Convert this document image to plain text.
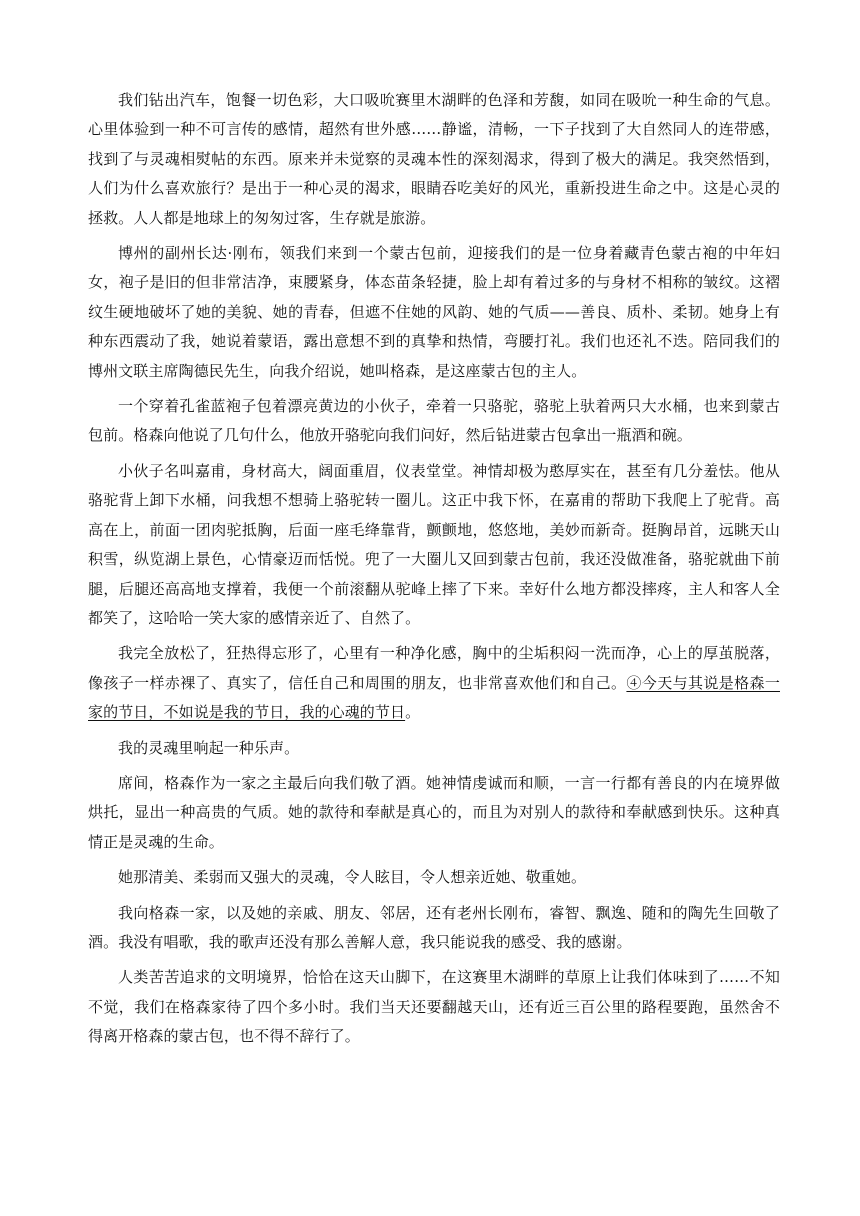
我们钻出汽车，饱餐一切色彩，大口吸吮赛里木湖畔的色泽和芳馥，如同在吸吮一种生命的气息。心里体验到一种不可言传的感情，超然有世外感……静谧，清畅，一下子找到了大自然同人的连带感，找到了与灵魂相熨帖的东西。原来并未觉察的灵魂本性的深刻渴求，得到了极大的满足。我突然悟到，人们为什么喜欢旅行？是出于一种心灵的渴求，眼睛吞吃美好的风光，重新投进生命之中。这是心灵的拯救。人人都是地球上的匆匆过客，生存就是旅游。

博州的副州长达·刚布，领我们来到一个蒙古包前，迎接我们的是一位身着藏青色蒙古袍的中年妇女，袍子是旧的但非常洁净，束腰紧身，体态苗条轻捷，脸上却有着过多的与身材不相称的皱纹。这褶纹生硬地破坏了她的美貌、她的青春，但遮不住她的风韵、她的气质——善良、质朴、柔韧。她身上有种东西震动了我，她说着蒙语，露出意想不到的真挚和热情，弯腰打礼。我们也还礼不迭。陪同我们的博州文联主席陶德民先生，向我介绍说，她叫格森，是这座蒙古包的主人。

一个穿着孔雀蓝袍子包着漂亮黄边的小伙子，牵着一只骆驼，骆驼上驮着两只大水桶，也来到蒙古包前。格森向他说了几句什么，他放开骆驼向我们问好，然后钻进蒙古包拿出一瓶酒和碗。

小伙子名叫嘉甫，身材高大，阔面重眉，仪表堂堂。神情却极为憨厚实在，甚至有几分羞怯。他从骆驼背上卸下水桶，问我想不想骑上骆驼转一圈儿。这正中我下怀，在嘉甫的帮助下我爬上了驼背。高高在上，前面一团肉驼抵胸，后面一座毛绛靠背，颤颤地，悠悠地，美妙而新奇。挺胸昂首，远眺天山积雪，纵览湖上景色，心情豪迈而恬悦。兜了一大圈儿又回到蒙古包前，我还没做准备，骆驼就曲下前腿，后腿还高高地支撑着，我便一个前滚翻从驼峰上摔了下来。幸好什么地方都没摔疼，主人和客人全都笑了，这哈哈一笑大家的感情亲近了、自然了。

我完全放松了，狂热得忘形了，心里有一种净化感，胸中的尘垢积闷一洗而净，心上的厚茧脱落，像孩子一样赤裸了、真实了，信任自己和周围的朋友，也非常喜欢他们和自己。④今天与其说是格森一家的节日，不如说是我的节日，我的心魂的节日。

我的灵魂里响起一种乐声。

席间，格森作为一家之主最后向我们敬了酒。她神情虔诚而和顺，一言一行都有善良的内在境界做烘托，显出一种高贵的气质。她的款待和奉献是真心的，而且为对别人的款待和奉献感到快乐。这种真情正是灵魂的生命。

她那清美、柔弱而又强大的灵魂，令人眩目，令人想亲近她、敬重她。

我向格森一家，以及她的亲戚、朋友、邻居，还有老州长刚布，睿智、飘逸、随和的陶先生回敬了酒。我没有唱歌，我的歌声还没有那么善解人意，我只能说我的感受、我的感谢。

人类苦苦追求的文明境界，恰恰在这天山脚下，在这赛里木湖畔的草原上让我们体味到了……不知不觉，我们在格森家待了四个多小时。我们当天还要翻越天山，还有近三百公里的路程要跑，虽然舍不得离开格森的蒙古包，也不得不辞行了。
